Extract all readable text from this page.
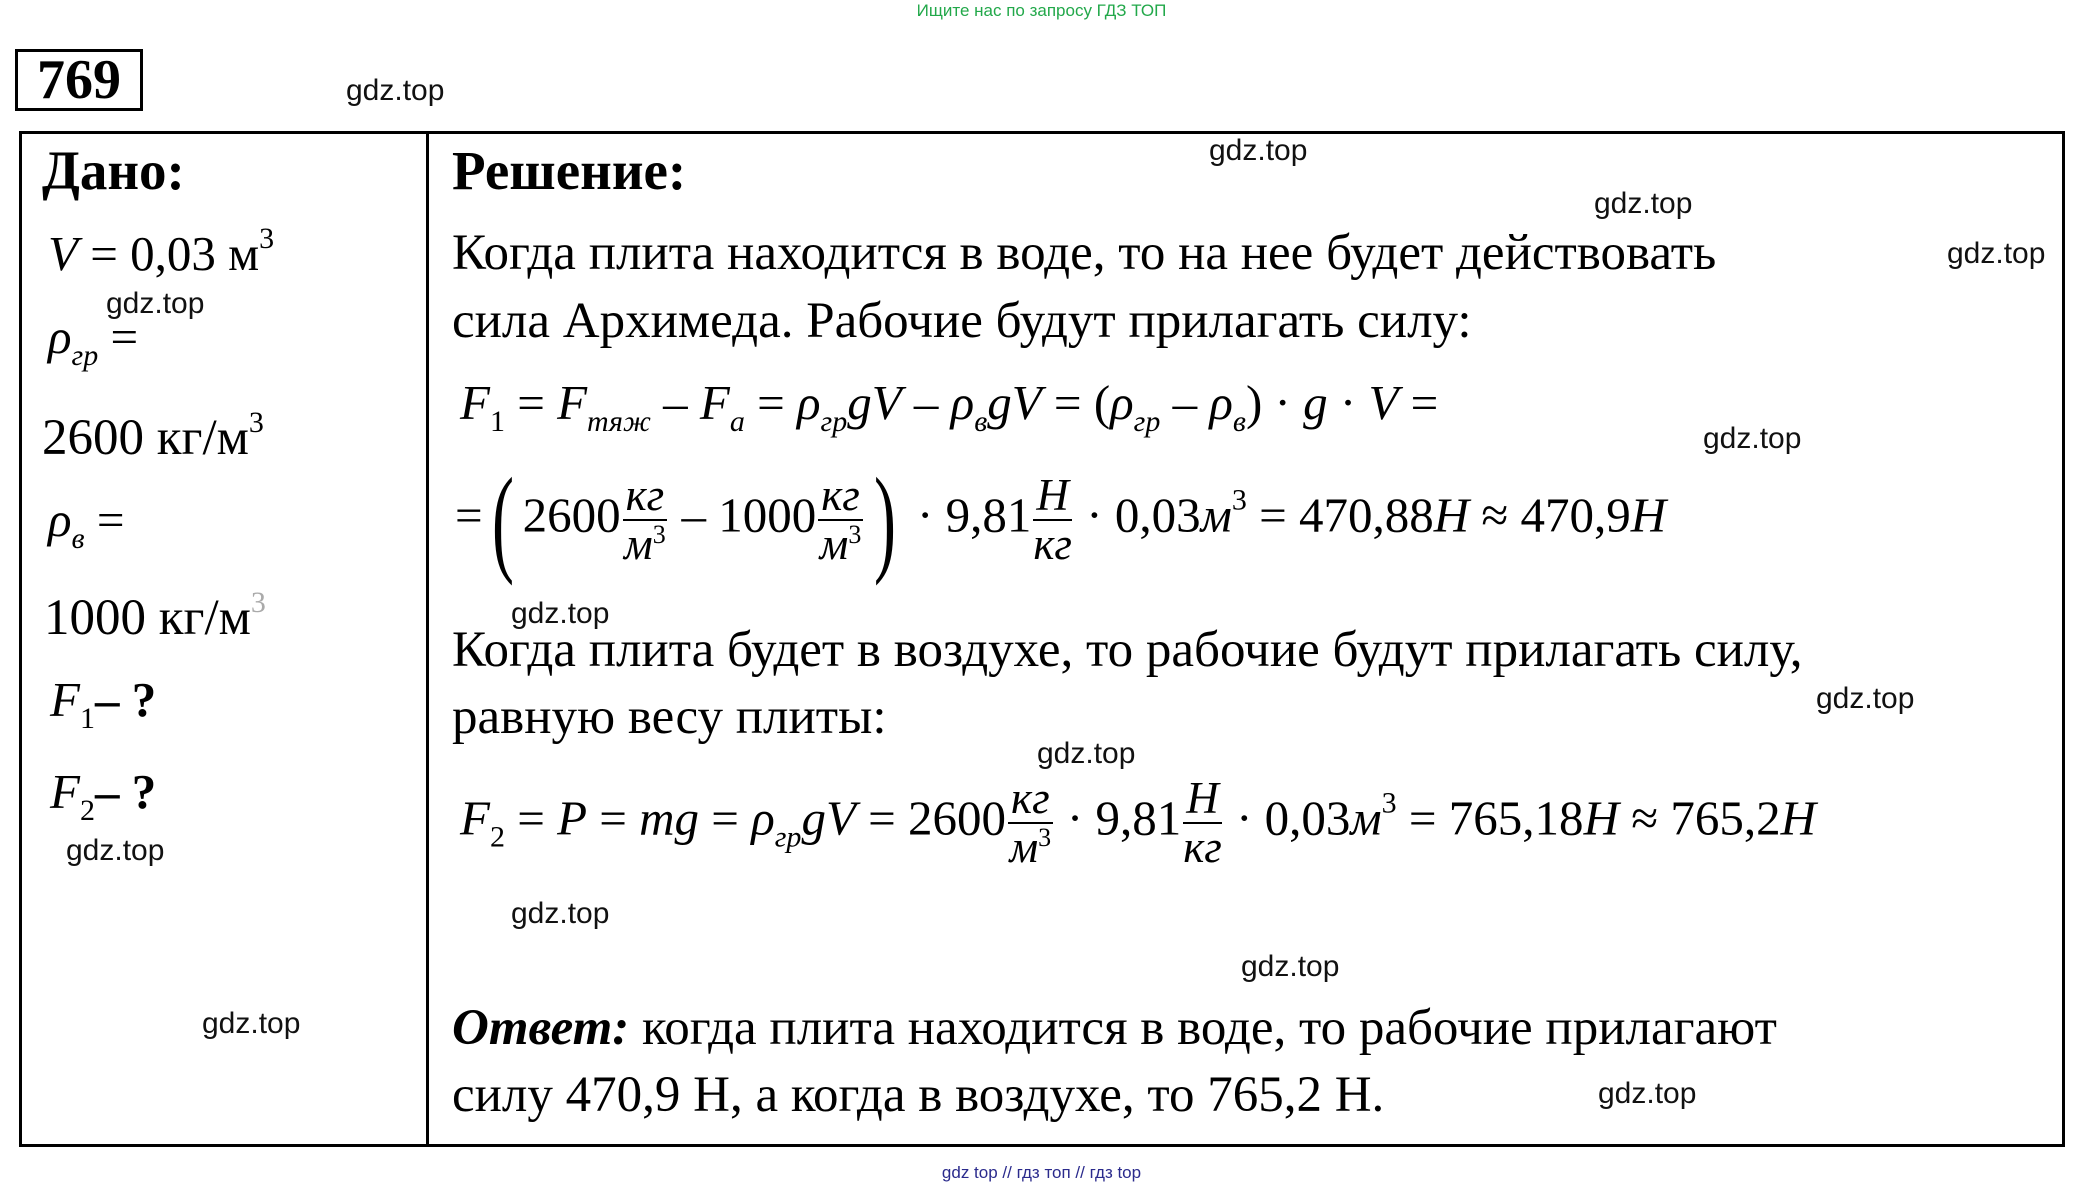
Ищите нас по запросу ГДЗ ТОП
769
Дано:
V = 0,03 $м^3$
$\rho_{гр}$ =
2600 $кг/м^3$
$\rho_в$ =
1000 $кг/м^3$
$F_1-$ ?
$F_2-$ ?
Решение:
Когда плита находится в воде, то на нее будет действовать
сила Архимеда. Рабочие будут прилагать силу:
$F_1 = F_{тяж} - F_а = \rho_{гр}gV - \rho_вgV = (\rho_{гр} - \rho_в) \cdot g \cdot V$ =
=( $2600 \frac{кг}{м^3} - 1000 \frac{кг}{м^3}$ ) · $9,81 \frac{Н}{кг} \cdot 0,03м^3 = 470,88Н \approx 470,9Н$
Когда плита будет в воздухе, то рабочие будут прилагать силу,
равную весу плиты:
$F_2 = P$ = mg = $\rho_{гр}gV = 2600 \frac{кг}{м^3} \cdot 9,81 \frac{Н}{кг} \cdot 0,03м^3 = 765,18Н \approx 765,2Н$
Ответ: когда плита находится в воде, то рабочие прилагают
силу 470,9 Н, а когда в воздухе, то 765,2 Н.
gdz.top
gdz.top
gdz.top
gdz.top
gdz.top
gdz.top
gdz.top
gdz.top
gdz.top
gdz.top
gdz.top
gdz.top
gdz.top
gdz.top
gdz top // гдз топ // гдз top
